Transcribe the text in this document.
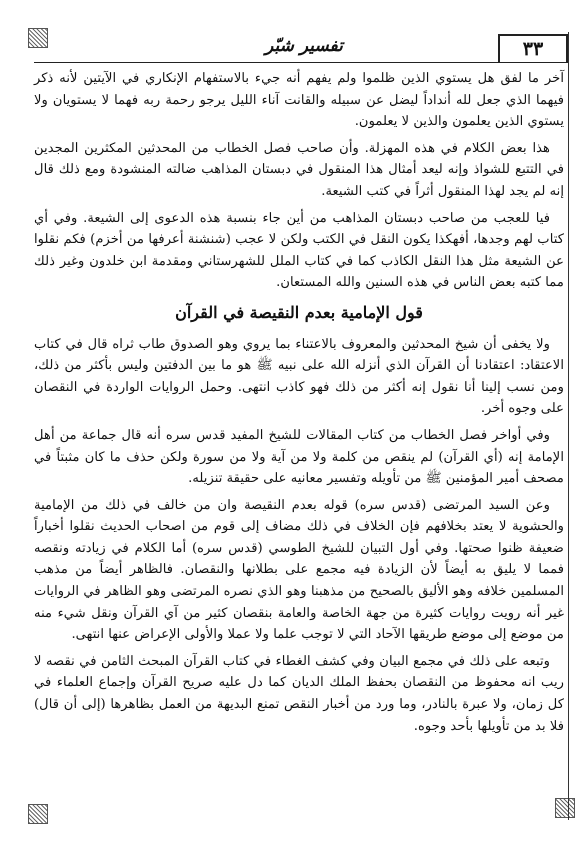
٣٣
تفسير شبّر

آخر ما لفق هل يستوي الذين ظلموا ولم يفهم أنه جيء بالاستفهام الإنكاري في الآيتين لأنه ذكر فيهما الذي جعل لله أنداداً ليضل عن سبيله والقانت آناء الليل يرجو رحمة ربه فهما لا يستويان ولا يستوي الذين يعلمون والذين لا يعلمون.

هذا بعض الكلام في هذه المهزلة. وأن صاحب فصل الخطاب من المحدثين المكثرين المجدين في التتبع للشواذ وإنه ليعد أمثال هذا المنقول في دبستان المذاهب ضالته المنشودة ومع ذلك قال إنه لم يجد لهذا المنقول أثراً في كتب الشيعة.

فيا للعجب من صاحب دبستان المذاهب من أين جاء بنسبة هذه الدعوى إلى الشيعة. وفي أي كتاب لهم وجدها، أفهكذا يكون النقل في الكتب ولكن لا عجب (شنشنة أعرفها من أخزم) فكم نقلوا عن الشيعة مثل هذا النقل الكاذب كما في كتاب الملل للشهرستاني ومقدمة ابن خلدون وغير ذلك مما كتبه بعض الناس في هذه السنين والله المستعان.

قول الإمامية بعدم النقيصة في القرآن

ولا يخفى أن شيخ المحدثين والمعروف بالاعتناء بما يروي وهو الصدوق طاب ثراه قال في كتاب الاعتقاد: اعتقادنا أن القرآن الذي أنزله الله على نبيه ﷺ هو ما بين الدفتين وليس بأكثر من ذلك، ومن نسب إلينا أنا نقول إنه أكثر من ذلك فهو كاذب انتهى. وحمل الروايات الواردة في النقصان على وجوه أخر.

وفي أواخر فصل الخطاب من كتاب المقالات للشيخ المفيد قدس سره أنه قال جماعة من أهل الإمامة إنه (أي القرآن) لم ينقص من كلمة ولا من آية ولا من سورة ولكن حذف ما كان مثبتاً في مصحف أمير المؤمنين ﷺ من تأويله وتفسير معانيه على حقيقة تنزيله.

وعن السيد المرتضى (قدس سره) قوله بعدم النقيصة وان من خالف في ذلك من الإمامية والحشوية لا يعتد بخلافهم فإن الخلاف في ذلك مضاف إلى قوم من اصحاب الحديث نقلوا أخباراً ضعيفة ظنوا صحتها. وفي أول التبيان للشيخ الطوسي (قدس سره) أما الكلام في زيادته ونقصه فمما لا يليق به أيضاً لأن الزيادة فيه مجمع على بطلانها والنقصان. فالظاهر أيضاً من مذهب المسلمين خلافه وهو الأليق بالصحيح من مذهبنا وهو الذي نصره المرتضى وهو الظاهر في الروايات غير أنه رويت روايات كثيرة من جهة الخاصة والعامة بنقصان كثير من آي القرآن ونقل شيء منه من موضع إلى موضع طريقها الآحاد التي لا توجب علما ولا عملا والأولى الإعراض عنها انتهى.

وتبعه على ذلك في مجمع البيان وفي كشف الغطاء في كتاب القرآن المبحث الثامن في نقصه لا ريب انه محفوظ من النقصان بحفظ الملك الديان كما دل عليه صريح القرآن وإجماع العلماء في كل زمان، ولا عبرة بالنادر، وما ورد من أخبار النقص تمنع البديهة من العمل بظاهرها (إلى أن قال) فلا بد من تأويلها بأحد وجوه.
